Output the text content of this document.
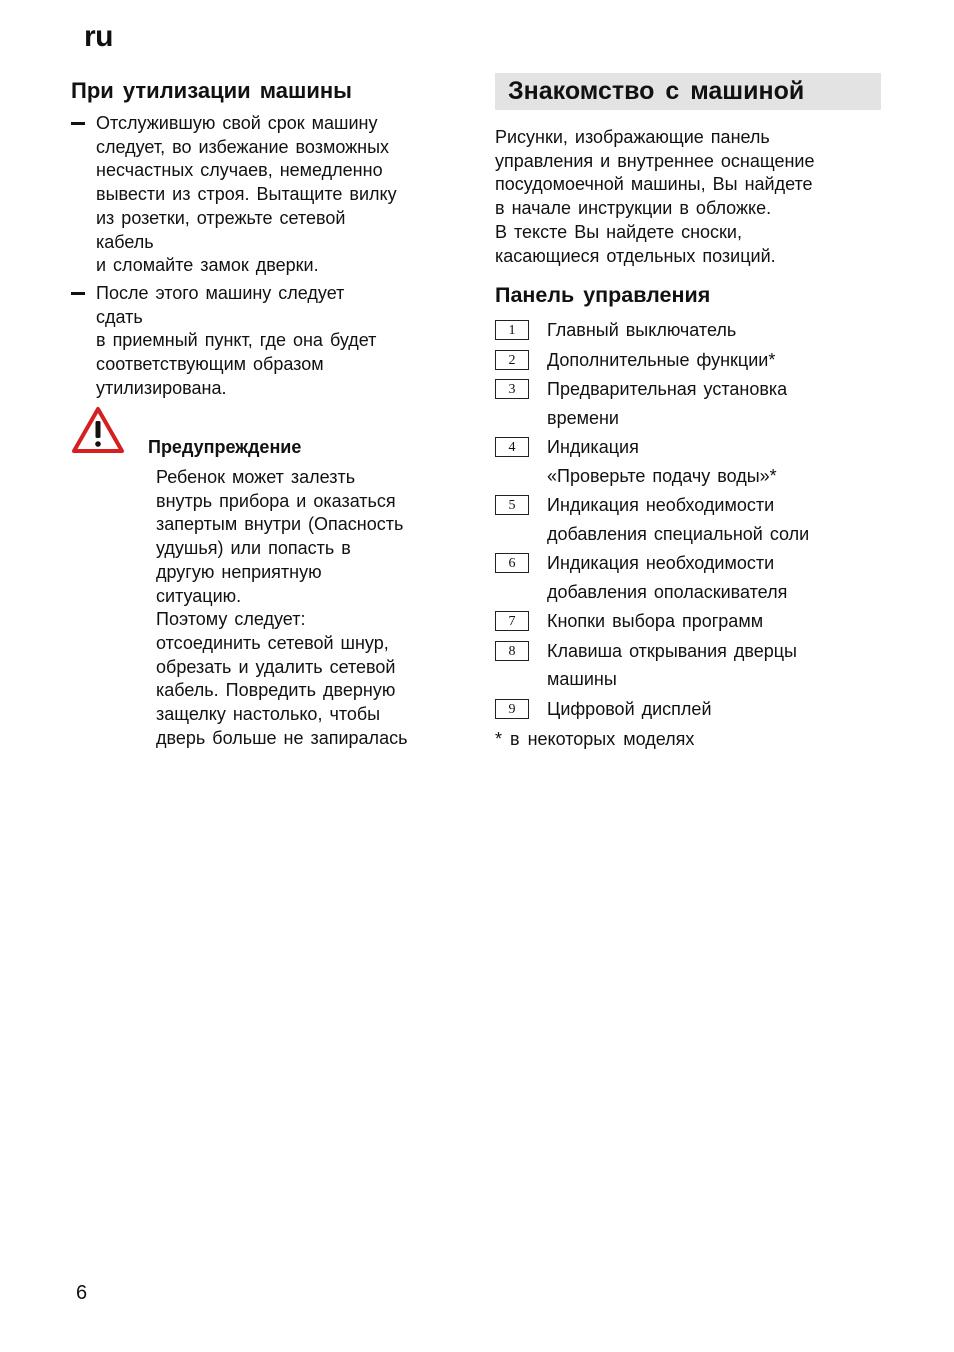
ru
При утилизации машины
Отслужившую свой срок машину
следует, во избежание возможных
несчастных случаев, немедленно
вывести из строя. Вытащите вилку
из розетки, отрежьте сетевой
кабель
и сломайте замок дверки.
После этого машину следует
сдать
в приемный пункт, где она будет
соответствующим образом
утилизирована.
Предупреждение
Ребенок может залезть
внутрь прибора и оказаться
запертым внутри (Опасность
удушья) или попасть в
другую неприятную
ситуацию.
Поэтому следует:
отсоединить сетевой шнур,
обрезать и удалить сетевой
кабель. Повредить дверную
защелку настолько, чтобы
дверь больше не запиралась
Знакомство с машиной
Рисунки, изображающие панель
управления и внутреннее оснащение
посудомоечной машины, Вы найдете
в начале инструкции в обложке.
В тексте Вы найдете сноски,
касающиеся отдельных позиций.
Панель управления
1	Главный выключатель
2	Дополнительные функции*
3	Предварительная установка
времени
4	Индикация
«Проверьте подачу воды»*
5	Индикация необходимости
добавления специальной соли
6	Индикация необходимости
добавления ополаскивателя
7	Кнопки выбора программ
8	Клавиша открывания дверцы
машины
9	Цифровой дисплей
* в некоторых моделях
6
